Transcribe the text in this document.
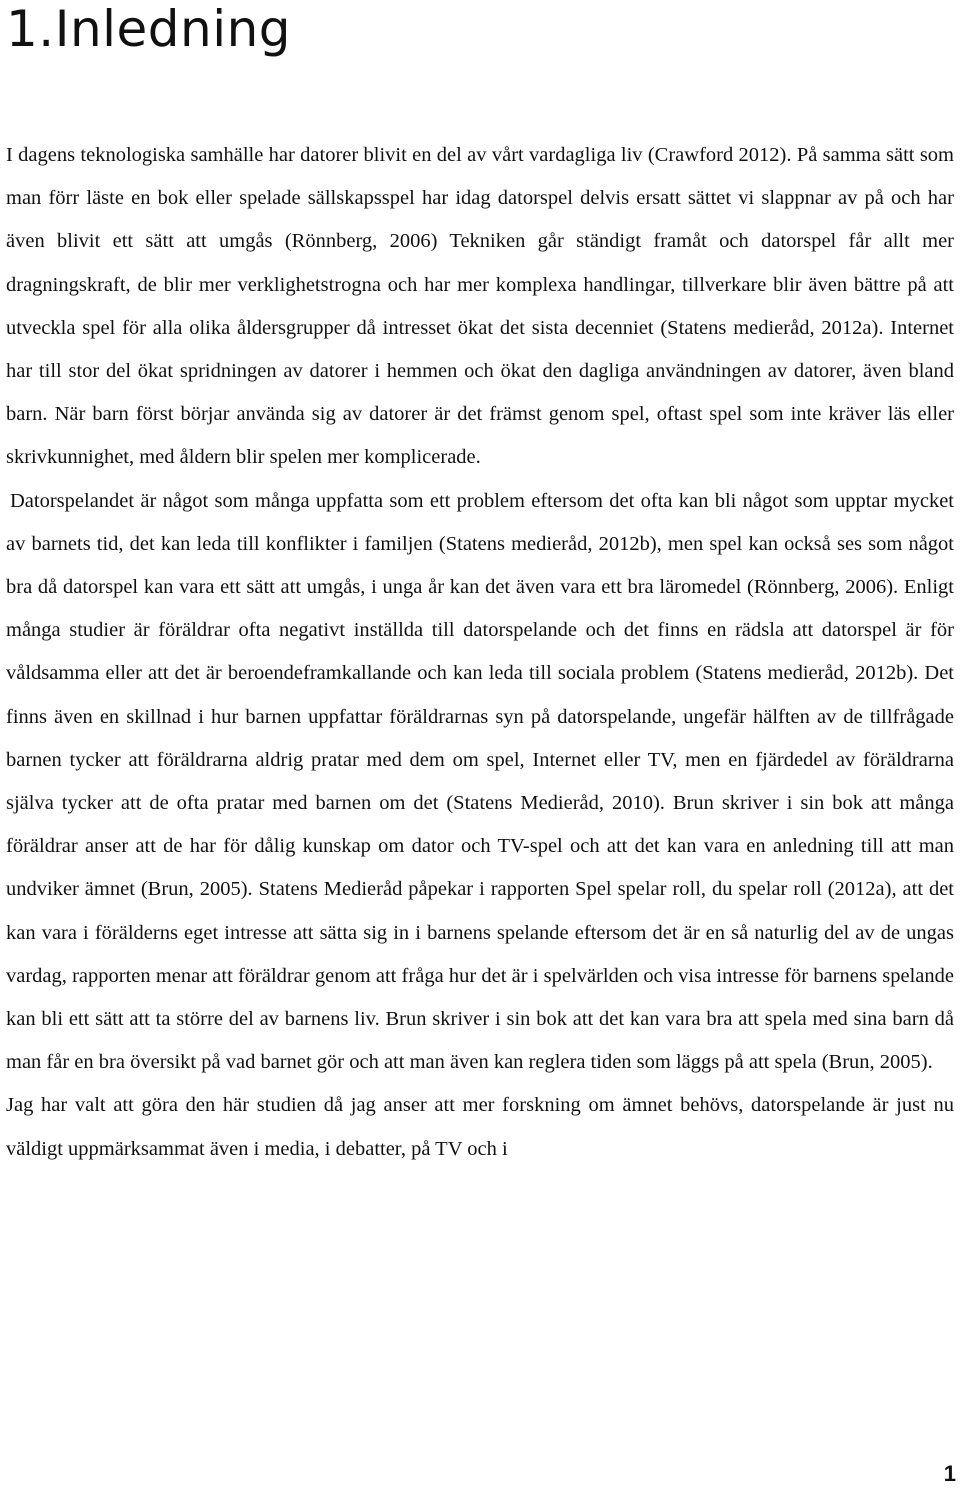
1.Inledning

I dagens teknologiska samhälle har datorer blivit en del av vårt vardagliga liv (Crawford 2012). På samma sätt som man förr läste en bok eller spelade sällskapsspel har idag datorspel delvis ersatt sättet vi slappnar av på och har även blivit ett sätt att umgås (Rönnberg, 2006) Tekniken går ständigt framåt och datorspel får allt mer dragningskraft, de blir mer verklighetstrogna och har mer komplexa handlingar, tillverkare blir även bättre på att utveckla spel för alla olika åldersgrupper då intresset ökat det sista decenniet (Statens medieråd, 2012a). Internet har till stor del ökat spridningen av datorer i hemmen och ökat den dagliga användningen av datorer, även bland barn. När barn först börjar använda sig av datorer är det främst genom spel, oftast spel som inte kräver läs eller skrivkunnighet, med åldern blir spelen mer komplicerade.

Datorspelandet är något som många uppfatta som ett problem eftersom det ofta kan bli något som upptar mycket av barnets tid, det kan leda till konflikter i familjen (Statens medieråd, 2012b), men spel kan också ses som något bra då datorspel kan vara ett sätt att umgås, i unga år kan det även vara ett bra läromedel (Rönnberg, 2006). Enligt många studier är föräldrar ofta negativt inställda till datorspelande och det finns en rädsla att datorspel är för våldsamma eller att det är beroendeframkallande och kan leda till sociala problem (Statens medieråd, 2012b). Det finns även en skillnad i hur barnen uppfattar föräldrarnas syn på datorspelande, ungefär hälften av de tillfrågade barnen tycker att föräldrarna aldrig pratar med dem om spel, Internet eller TV, men en fjärdedel av föräldrarna själva tycker att de ofta pratar med barnen om det (Statens Medieråd, 2010). Brun skriver i sin bok att många föräldrar anser att de har för dålig kunskap om dator och TV-spel och att det kan vara en anledning till att man undviker ämnet (Brun, 2005). Statens Medieråd påpekar i rapporten Spel spelar roll, du spelar roll (2012a), att det kan vara i förälderns eget intresse att sätta sig in i barnens spelande eftersom det är en så naturlig del av de ungas vardag, rapporten menar att föräldrar genom att fråga hur det är i spelvärlden och visa intresse för barnens spelande kan bli ett sätt att ta större del av barnens liv. Brun skriver i sin bok att det kan vara bra att spela med sina barn då man får en bra översikt på vad barnet gör och att man även kan reglera tiden som läggs på att spela (Brun, 2005).

Jag har valt att göra den här studien då jag anser att mer forskning om ämnet behövs, datorspelande är just nu väldigt uppmärksammat även i media, i debatter, på TV och i

1
